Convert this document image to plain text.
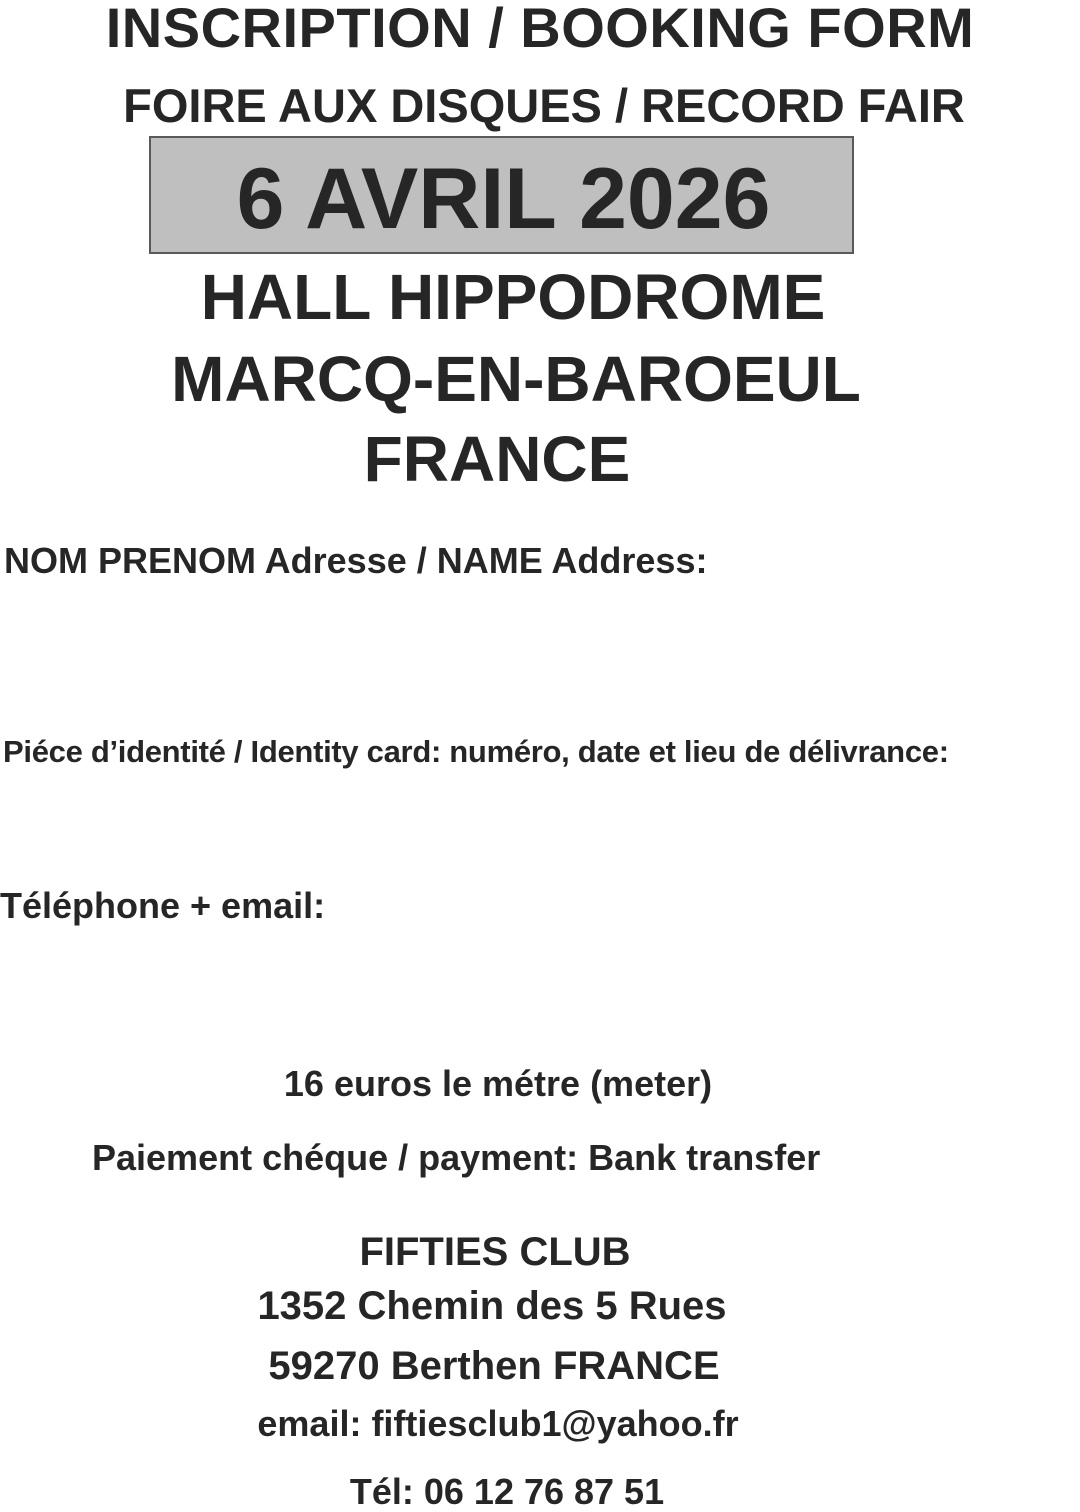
INSCRIPTION / BOOKING FORM
FOIRE AUX DISQUES / RECORD FAIR

6 AVRIL 2026

HALL HIPPODROME

MARCQ-EN-BAROEUL

FRANCE

NOM PRENOM Adresse / NAME Address:

Piéce d’identité / Identity card: numéro, date et lieu de délivrance:

Téléphone + email:

16 euros le métre (meter)

Paiement chéque / payment: Bank transfer

FIFTIES CLUB

1352 Chemin des 5 Rues

59270 Berthen FRANCE

email: fiftiesclub1@yahoo.fr

Tél: 06 12 76 87 51
